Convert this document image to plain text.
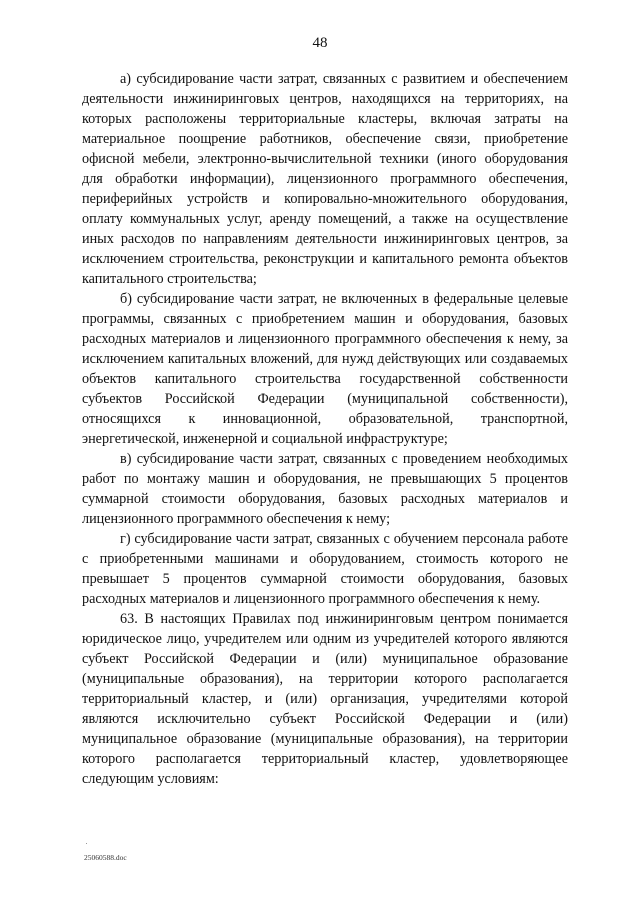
48

а) субсидирование части затрат, связанных с развитием и обеспечением деятельности инжиниринговых центров, находящихся на территориях, на которых расположены территориальные кластеры, включая затраты на материальное поощрение работников, обеспечение связи, приобретение офисной мебели, электронно-вычислительной техники (иного оборудования для обработки информации), лицензионного программного обеспечения, периферийных устройств и копировально-множительного оборудования, оплату коммунальных услуг, аренду помещений, а также на осуществление иных расходов по направлениям деятельности инжиниринговых центров, за исключением строительства, реконструкции и капитального ремонта объектов капитального строительства;

б) субсидирование части затрат, не включенных в федеральные целевые программы, связанных с приобретением машин и оборудования, базовых расходных материалов и лицензионного программного обеспечения к нему, за исключением капитальных вложений, для нужд действующих или создаваемых объектов капитального строительства государственной собственности субъектов Российской Федерации (муниципальной собственности), относящихся к инновационной, образовательной, транспортной, энергетической, инженерной и социальной инфраструктуре;

в) субсидирование части затрат, связанных с проведением необходимых работ по монтажу машин и оборудования, не превышающих 5 процентов суммарной стоимости оборудования, базовых расходных материалов и лицензионного программного обеспечения к нему;

г) субсидирование части затрат, связанных с обучением персонала работе с приобретенными машинами и оборудованием, стоимость которого не превышает 5 процентов суммарной стоимости оборудования, базовых расходных материалов и лицензионного программного обеспечения к нему.

63. В настоящих Правилах под инжиниринговым центром понимается юридическое лицо, учредителем или одним из учредителей которого являются субъект Российской Федерации и (или) муниципальное образование (муниципальные образования), на территории которого располагается территориальный кластер, и (или) организация, учредителями которой являются исключительно субъект Российской Федерации и (или) муниципальное образование (муниципальные образования), на территории которого располагается территориальный кластер, удовлетворяющее следующим условиям:

25060588.doc
